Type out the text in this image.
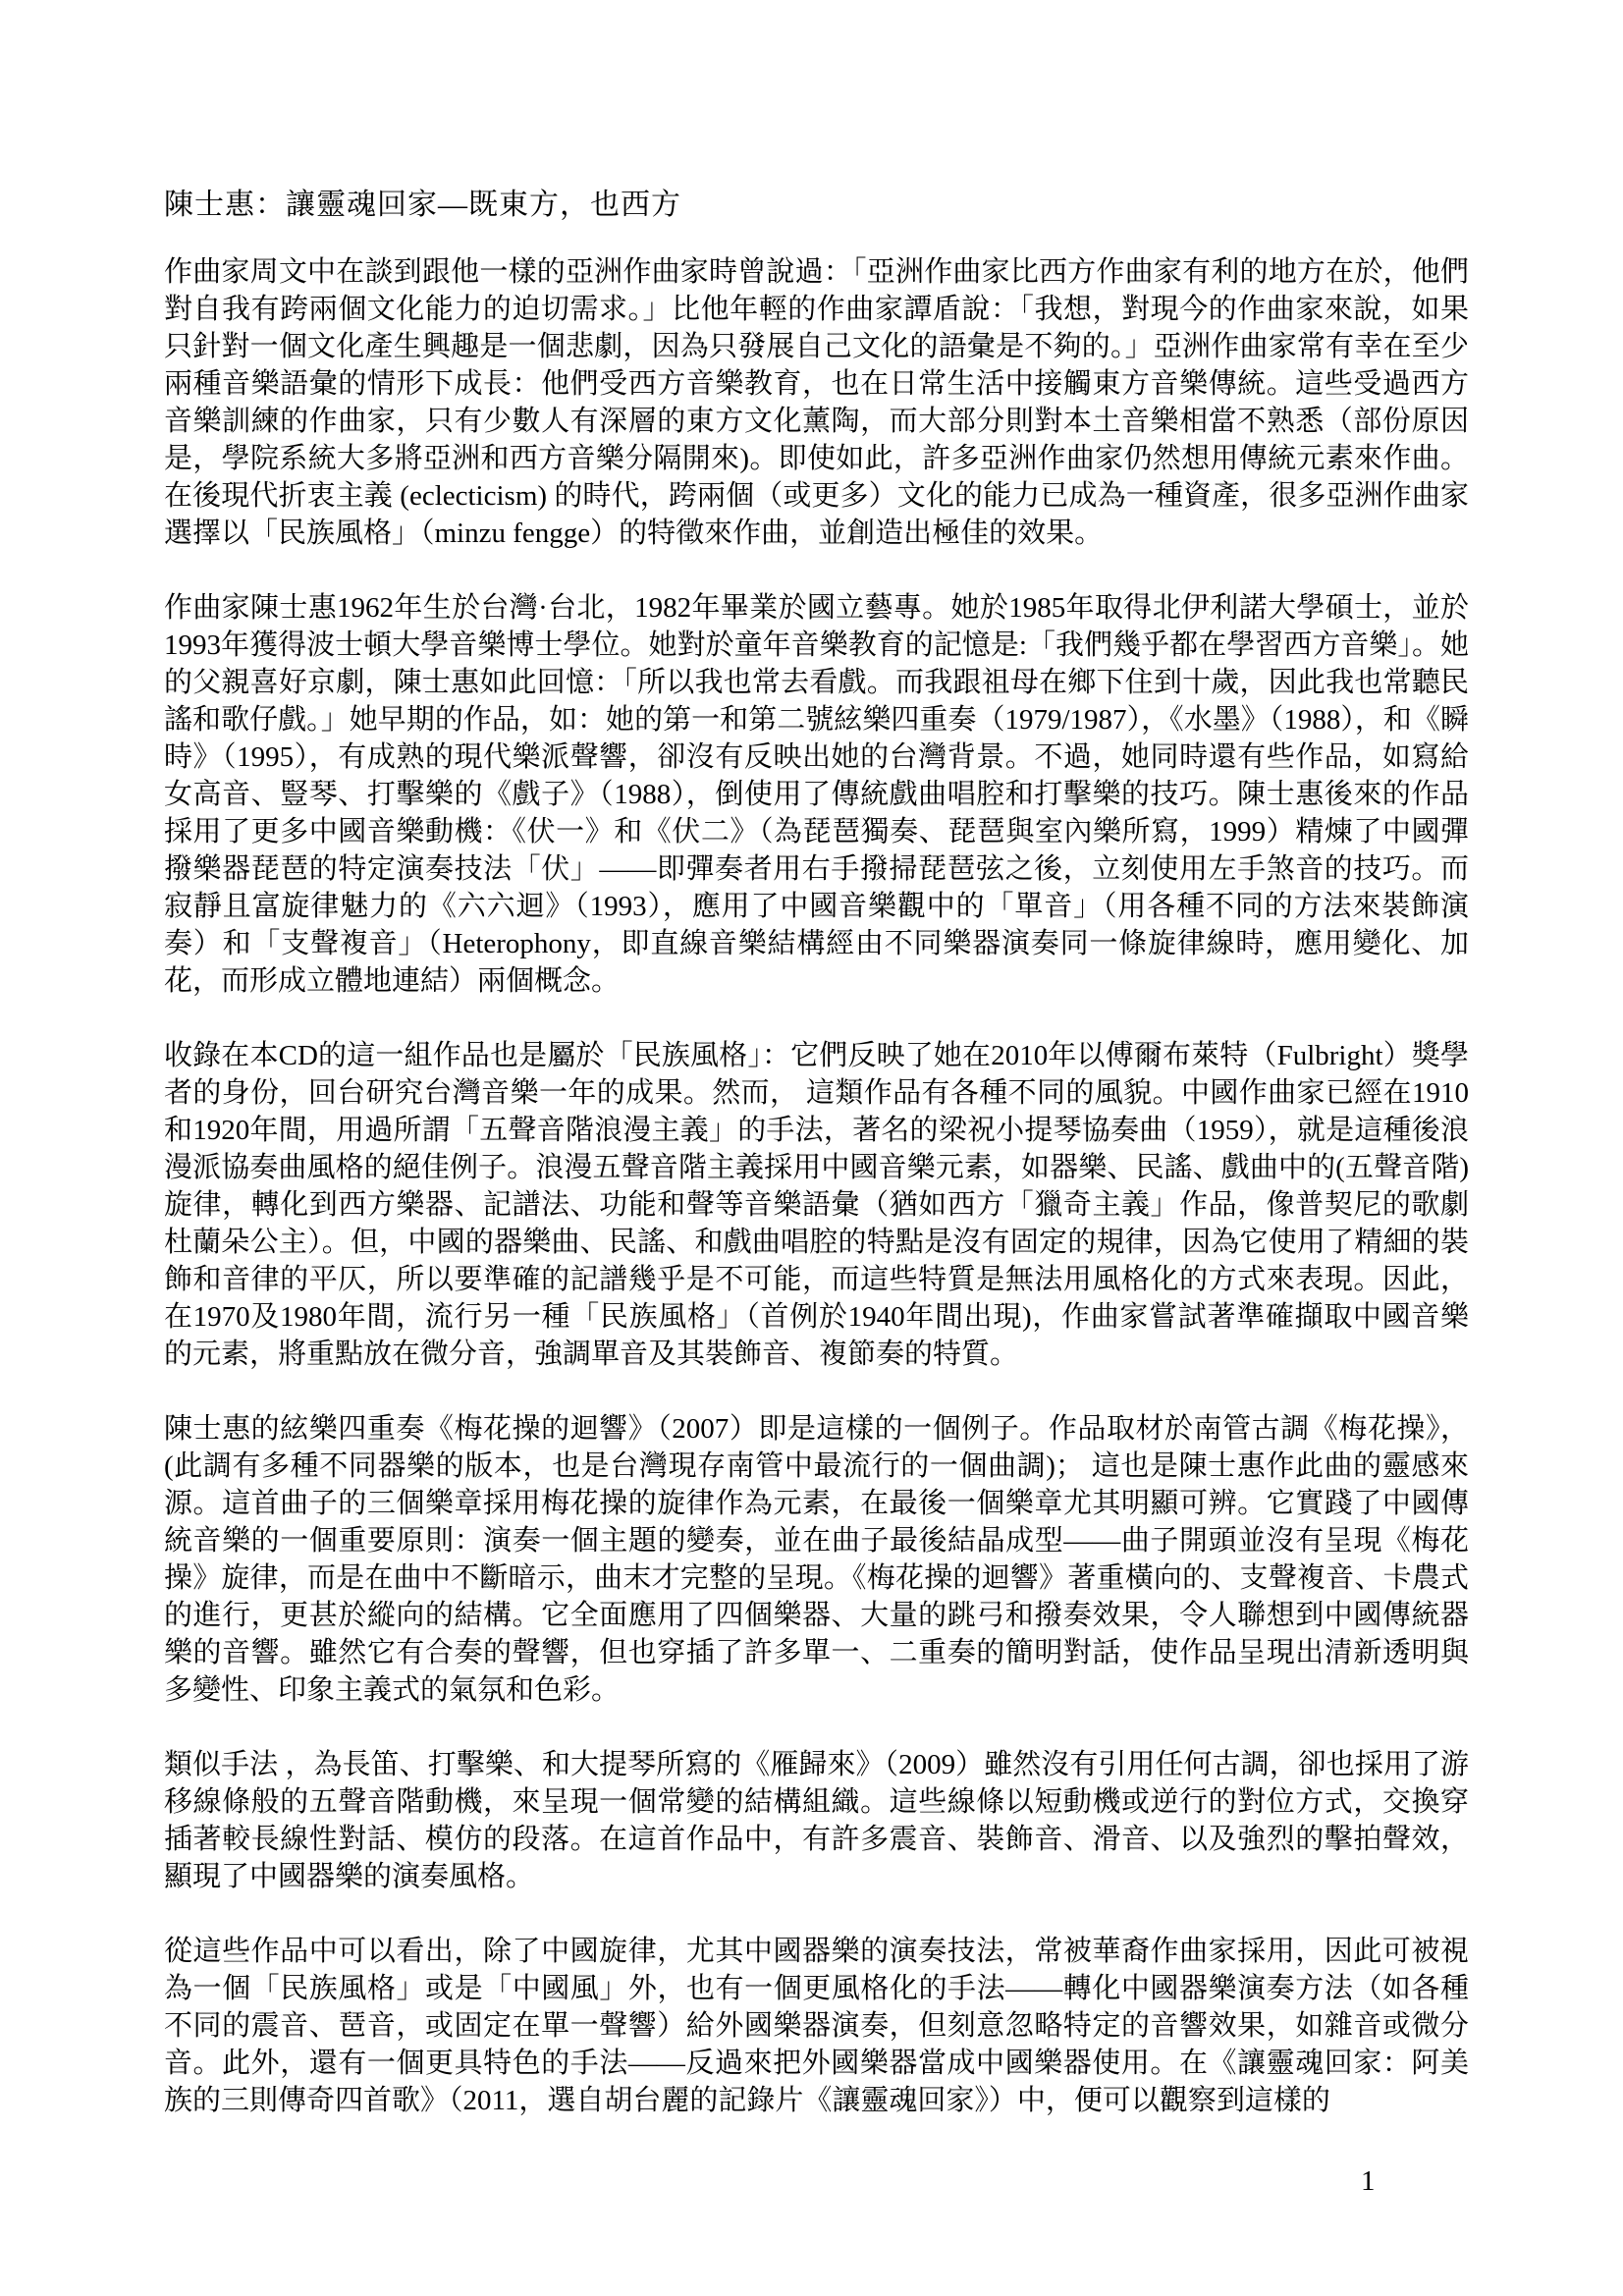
陳士惠：讓靈魂回家—既東方，也西方

作曲家周文中在談到跟他一樣的亞洲作曲家時曾說過：「亞洲作曲家比西方作曲家有利的地方在於，他們對自我有跨兩個文化能力的迫切需求。」比他年輕的作曲家譚盾說：「我想，對現今的作曲家來說，如果只針對一個文化產生興趣是一個悲劇，因為只發展自己文化的語彙是不夠的。」亞洲作曲家常有幸在至少兩種音樂語彙的情形下成長：他們受西方音樂教育，也在日常生活中接觸東方音樂傳統。這些受過西方音樂訓練的作曲家，只有少數人有深層的東方文化薰陶，而大部分則對本土音樂相當不熟悉（部份原因是，學院系統大多將亞洲和西方音樂分隔開來)。即使如此，許多亞洲作曲家仍然想用傳統元素來作曲。在後現代折衷主義 (eclecticism) 的時代，跨兩個（或更多）文化的能力已成為一種資產，很多亞洲作曲家選擇以「民族風格」（minzu fengge）的特徵來作曲，並創造出極佳的效果。

作曲家陳士惠1962年生於台灣·台北，1982年畢業於國立藝專。她於1985年取得北伊利諾大學碩士，並於1993年獲得波士頓大學音樂博士學位。她對於童年音樂教育的記憶是:「我們幾乎都在學習西方音樂」。她的父親喜好京劇，陳士惠如此回憶：「所以我也常去看戲。而我跟祖母在鄉下住到十歲，因此我也常聽民謠和歌仔戲。」她早期的作品，如：她的第一和第二號絃樂四重奏（1979/1987），《水墨》（1988），和《瞬時》（1995），有成熟的現代樂派聲響，卻沒有反映出她的台灣背景。不過，她同時還有些作品，如寫給女高音、豎琴、打擊樂的《戲子》（1988），倒使用了傳統戲曲唱腔和打擊樂的技巧。陳士惠後來的作品採用了更多中國音樂動機：《伏一》和《伏二》（為琵琶獨奏、琵琶與室內樂所寫，1999）精煉了中國彈撥樂器琵琶的特定演奏技法「伏」——即彈奏者用右手撥掃琵琶弦之後，立刻使用左手煞音的技巧。而寂靜且富旋律魅力的《六六迴》（1993），應用了中國音樂觀中的「單音」（用各種不同的方法來裝飾演奏）和「支聲複音」（Heterophony，即直線音樂結構經由不同樂器演奏同一條旋律線時，應用變化、加花，而形成立體地連結）兩個概念。

收錄在本CD的這一組作品也是屬於「民族風格」：它們反映了她在2010年以傅爾布萊特（Fulbright）獎學者的身份，回台研究台灣音樂一年的成果。然而， 這類作品有各種不同的風貌。中國作曲家已經在1910和1920年間，用過所謂「五聲音階浪漫主義」的手法，著名的梁祝小提琴協奏曲（1959），就是這種後浪漫派協奏曲風格的絕佳例子。浪漫五聲音階主義採用中國音樂元素，如器樂、民謠、戲曲中的(五聲音階) 旋律，轉化到西方樂器、記譜法、功能和聲等音樂語彙（猶如西方「獵奇主義」作品，像普契尼的歌劇杜蘭朵公主）。但，中國的器樂曲、民謠、和戲曲唱腔的特點是沒有固定的規律，因為它使用了精細的裝飾和音律的平仄，所以要準確的記譜幾乎是不可能，而這些特質是無法用風格化的方式來表現。因此，在1970及1980年間，流行另一種「民族風格」（首例於1940年間出現)，作曲家嘗試著準確擷取中國音樂的元素，將重點放在微分音，強調單音及其裝飾音、複節奏的特質。

陳士惠的絃樂四重奏《梅花操的迴響》（2007）即是這樣的一個例子。作品取材於南管古調《梅花操》，(此調有多種不同器樂的版本，也是台灣現存南管中最流行的一個曲調)； 這也是陳士惠作此曲的靈感來源。這首曲子的三個樂章採用梅花操的旋律作為元素，在最後一個樂章尤其明顯可辨。它實踐了中國傳統音樂的一個重要原則：演奏一個主題的變奏，並在曲子最後結晶成型——曲子開頭並沒有呈現《梅花操》旋律，而是在曲中不斷暗示，曲末才完整的呈現。《梅花操的迴響》著重橫向的、支聲複音、卡農式的進行，更甚於縱向的結構。它全面應用了四個樂器、大量的跳弓和撥奏效果，令人聯想到中國傳統器樂的音響。雖然它有合奏的聲響，但也穿插了許多單一、二重奏的簡明對話，使作品呈現出清新透明與多變性、印象主義式的氣氛和色彩。

類似手法 ，為長笛、打擊樂、和大提琴所寫的《雁歸來》（2009）雖然沒有引用任何古調，卻也採用了游移線條般的五聲音階動機，來呈現一個常變的結構組織。這些線條以短動機或逆行的對位方式，交換穿插著較長線性對話、模仿的段落。在這首作品中，有許多震音、裝飾音、滑音、以及強烈的擊拍聲效，顯現了中國器樂的演奏風格。

從這些作品中可以看出，除了中國旋律，尤其中國器樂的演奏技法，常被華裔作曲家採用，因此可被視為一個「民族風格」或是「中國風」外，也有一個更風格化的手法——轉化中國器樂演奏方法（如各種不同的震音、琶音，或固定在單一聲響）給外國樂器演奏，但刻意忽略特定的音響效果，如雜音或微分音。此外，還有一個更具特色的手法——反過來把外國樂器當成中國樂器使用。在《讓靈魂回家：阿美族的三則傳奇四首歌》（2011，選自胡台麗的記錄片《讓靈魂回家》）中，便可以觀察到這樣的

1
